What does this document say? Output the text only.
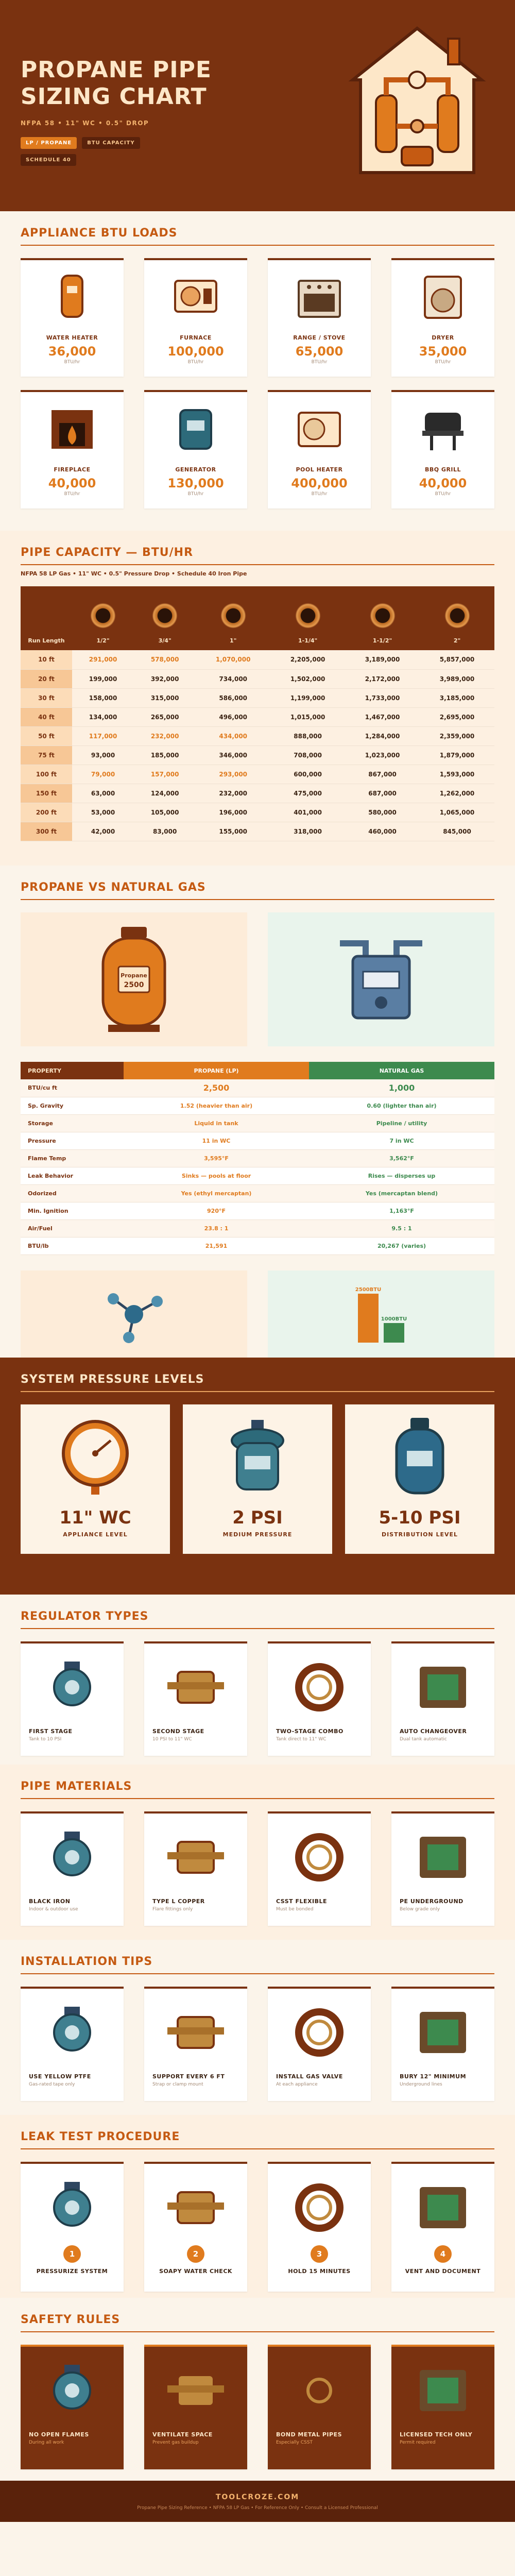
PROPANE PIPE SIZING CHART
NFPA 58 • 11" WC • 0.5" DROP
LP / PROPANE	BTU CAPACITY
SCHEDULE 40
APPLIANCE BTU LOADS
WATER HEATER
36,000
BTU/hr
FURNACE
100,000
BTU/hr
RANGE / STOVE
65,000
BTU/hr
DRYER
35,000
BTU/hr
FIREPLACE
40,000
BTU/hr
GENERATOR
130,000
BTU/hr
POOL HEATER
400,000
BTU/hr
BBQ GRILL
40,000
BTU/hr
PIPE CAPACITY — BTU/HR
NFPA 58 LP Gas • 11" WC • 0.5" Pressure Drop • Schedule 40 Iron Pipe
Run Length	1/2"	3/4"	1"	1-1/4"	1-1/2"	2"
10 ft	291,000	578,000	1,070,000	2,205,000	3,189,000	5,857,000
20 ft	199,000	392,000	734,000	1,502,000	2,172,000	3,989,000
30 ft	158,000	315,000	586,000	1,199,000	1,733,000	3,185,000
40 ft	134,000	265,000	496,000	1,015,000	1,467,000	2,695,000
50 ft	117,000	232,000	434,000	888,000	1,284,000	2,359,000
75 ft	93,000	185,000	346,000	708,000	1,023,000	1,879,000
100 ft	79,000	157,000	293,000	600,000	867,000	1,593,000
150 ft	63,000	124,000	232,000	475,000	687,000	1,262,000
200 ft	53,000	105,000	196,000	401,000	580,000	1,065,000
300 ft	42,000	83,000	155,000	318,000	460,000	845,000
PROPANE VS NATURAL GAS
Propane
2500
PROPERTY	PROPANE (LP)	NATURAL GAS
BTU/cu ft	2,500	1,000
Sp. Gravity	1.52 (heavier than air)	0.60 (lighter than air)
Storage	Liquid in tank	Pipeline / utility
Pressure	11 in WC	7 in WC
Flame Temp	3,595°F	3,562°F
Leak Behavior	Sinks — pools at floor	Rises — disperses up
Odorized	Yes (ethyl mercaptan)	Yes (mercaptan blend)
Min. Ignition	920°F	1,163°F
Air/Fuel	23.8 : 1	9.5 : 1
BTU/lb	21,591	20,267 (varies)
2500BTU
1000BTU
SYSTEM PRESSURE LEVELS
11" WC
APPLIANCE LEVEL
2 PSI
MEDIUM PRESSURE
5-10 PSI
DISTRIBUTION LEVEL
REGULATOR TYPES
FIRST STAGE
Tank to 10 PSI
SECOND STAGE
10 PSI to 11" WC
TWO-STAGE COMBO
Tank direct to 11" WC
AUTO CHANGEOVER
Dual tank automatic
PIPE MATERIALS
BLACK IRON
Indoor & outdoor use
TYPE L COPPER
Flare fittings only
CSST FLEXIBLE
Must be bonded
PE UNDERGROUND
Below grade only
INSTALLATION TIPS
USE YELLOW PTFE
Gas-rated tape only
SUPPORT EVERY 6 FT
Strap or clamp mount
INSTALL GAS VALVE
At each appliance
BURY 12" MINIMUM
Underground lines
LEAK TEST PROCEDURE
1

PRESSURIZE SYSTEM
2

SOAPY WATER CHECK
3

HOLD 15 MINUTES
4

VENT AND DOCUMENT
SAFETY RULES
NO OPEN FLAMES
During all work
VENTILATE SPACE
Prevent gas buildup
BOND METAL PIPES
Especially CSST
LICENSED TECH ONLY
Permit required
TOOLCROZE.COM
Propane Pipe Sizing Reference • NFPA 58 LP Gas • For Reference Only • Consult a Licensed Professional
